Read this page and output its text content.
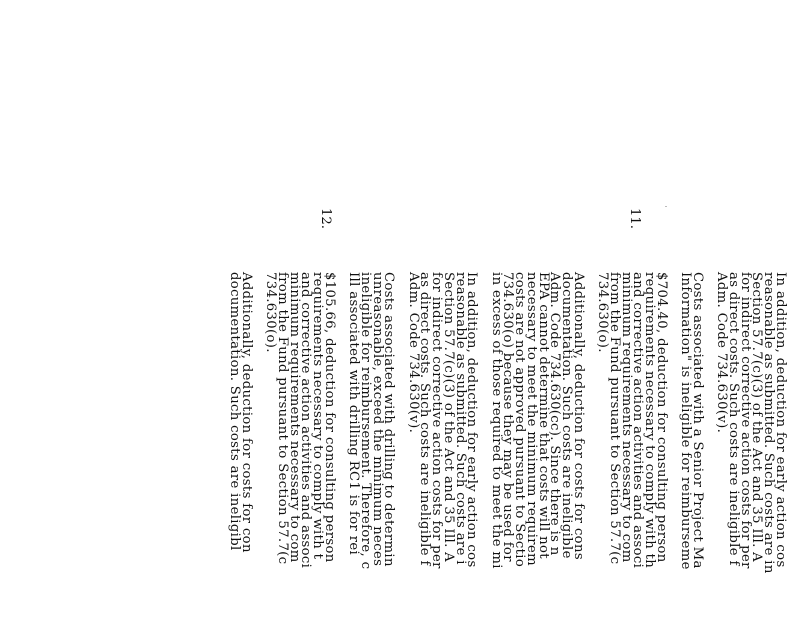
In addition, deduction for early action cos
reasonable as submitted. Such costs are in
Section 57.7(c)(3) of the Act and 35 Ill. A
for indirect corrective action costs for per
as direct costs. Such costs are ineligible f
Adm. Code 734.630(v).
Costs associated with a Senior Project Ma
Information" is ineligible for reimburseme
$704.40, deduction for consulting person
requirements necessary to comply with th
and corrective action activities and associ
minimum requirements necessary to com
from the Fund pursuant to Section 57.7(c
734.630(o).
Additionally, deduction for costs for cons
documentation. Such costs are ineligible
Adm. Code 734.630(cc). Since there is n
EPA cannot determine that costs will not
necessary to meet the minimum requirem
costs are not approved pursuant to Sectio
734.630(o) because they may be used for
in excess of those required to meet the mi
In addition, deduction for early action cos
reasonable as submitted. Such costs are i
Section 57.7(c)(3) of the Act and 35 Ill. A
for indirect corrective action costs for per
as direct costs. Such costs are ineligible f
Adm. Code 734.630(v).
Costs associated with drilling to determin
unreasonable, exceed the minimum neces
ineligible for reimbursement. Therefore, c
Ill associated with drilling RC1 is for rei
$105.66, deduction for consulting person
requirements necessary to comply with t
and corrective action activities and associ
minimum requirements necessary to com
from the Fund pursuant to Section 57.7(c
734.630(o).
Additionally, deduction for costs for con
documentation. Such costs are ineligibl
11.
12.
